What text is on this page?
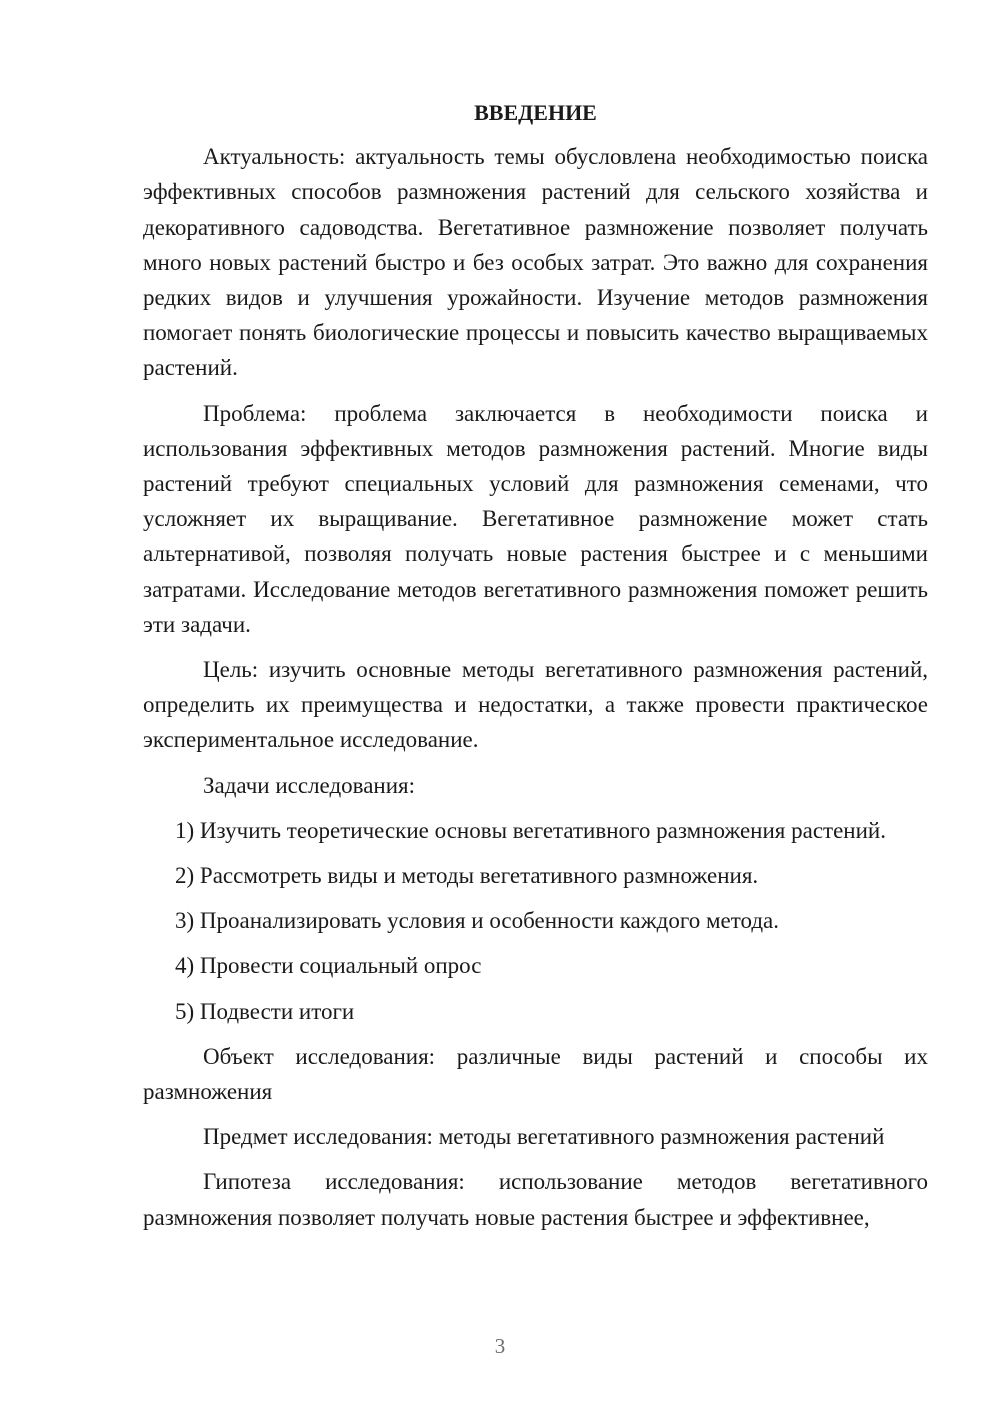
ВВЕДЕНИЕ

Актуальность: актуальность темы обусловлена необходимостью поиска эффективных способов размножения растений для сельского хозяйства и декоративного садоводства. Вегетативное размножение позволяет получать много новых растений быстро и без особых затрат. Это важно для сохранения редких видов и улучшения урожайности. Изучение методов размножения помогает понять биологические процессы и повысить качество выращиваемых растений.

Проблема: проблема заключается в необходимости поиска и использования эффективных методов размножения растений. Многие виды растений требуют специальных условий для размножения семенами, что усложняет их выращивание. Вегетативное размножение может стать альтернативой, позволяя получать новые растения быстрее и с меньшими затратами. Исследование методов вегетативного размножения поможет решить эти задачи.

Цель: изучить основные методы вегетативного размножения растений, определить их преимущества и недостатки, а также провести практическое экспериментальное исследование.

Задачи исследования:

1) Изучить теоретические основы вегетативного размножения растений.

2) Рассмотреть виды и методы вегетативного размножения.

3) Проанализировать условия и особенности каждого метода.

4) Провести социальный опрос

5) Подвести итоги

Объект исследования: различные виды растений и способы их размножения

Предмет исследования: методы вегетативного размножения растений

Гипотеза исследования: использование методов вегетативного размножения позволяет получать новые растения быстрее и эффективнее,

3
